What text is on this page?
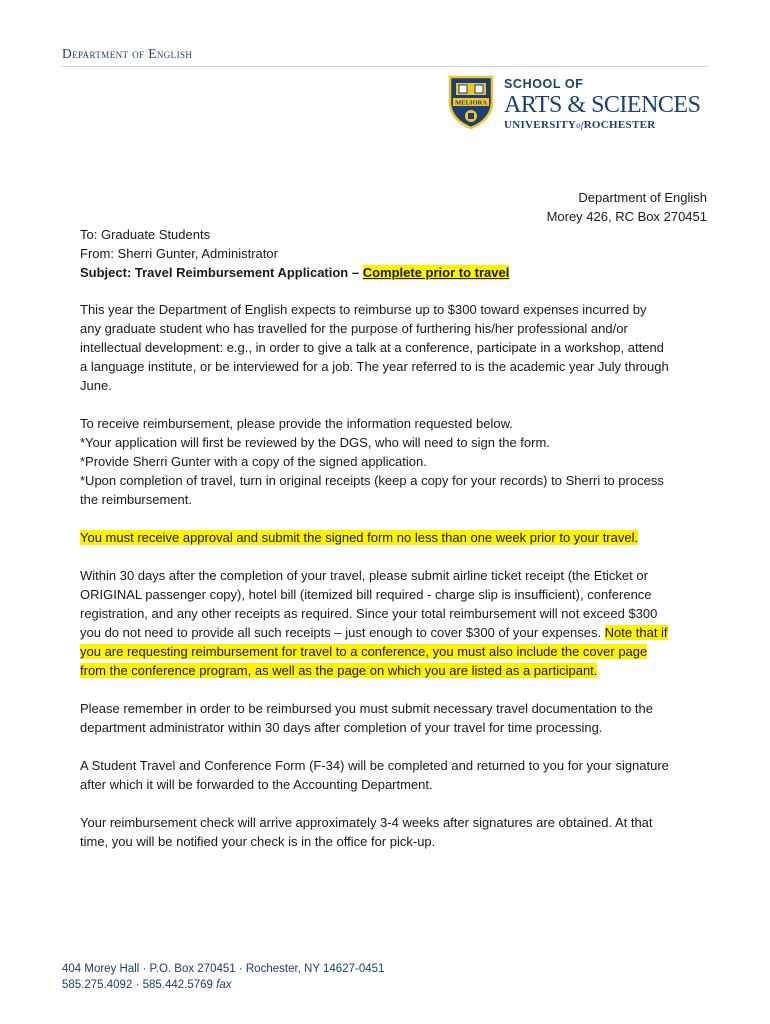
Department of English
MELIORA
SCHOOL OF
ARTS & SCIENCES
UNIVERSITYofROCHESTER
Department of English
Morey 426, RC Box 270451
To: Graduate Students
From: Sherri Gunter, Administrator
Subject: Travel Reimbursement Application – Complete prior to travel

This year the Department of English expects to reimburse up to $300 toward expenses incurred by any graduate student who has travelled for the purpose of furthering his/her professional and/or intellectual development: e.g., in order to give a talk at a conference, participate in a workshop, attend a language institute, or be interviewed for a job. The year referred to is the academic year July through June.

To receive reimbursement, please provide the information requested below.
*Your application will first be reviewed by the DGS, who will need to sign the form.
*Provide Sherri Gunter with a copy of the signed application.
*Upon completion of travel, turn in original receipts (keep a copy for your records) to Sherri to process the reimbursement.

You must receive approval and submit the signed form no less than one week prior to your travel.

Within 30 days after the completion of your travel, please submit airline ticket receipt (the Eticket or ORIGINAL passenger copy), hotel bill (itemized bill required - charge slip is insufficient), conference registration, and any other receipts as required. Since your total reimbursement will not exceed $300 you do not need to provide all such receipts – just enough to cover $300 of your expenses. Note that if you are requesting reimbursement for travel to a conference, you must also include the cover page from the conference program, as well as the page on which you are listed as a participant.

Please remember in order to be reimbursed you must submit necessary travel documentation to the department administrator within 30 days after completion of your travel for time processing.

A Student Travel and Conference Form (F-34) will be completed and returned to you for your signature after which it will be forwarded to the Accounting Department.

Your reimbursement check will arrive approximately 3-4 weeks after signatures are obtained. At that time, you will be notified your check is in the office for pick-up.

404 Morey Hall · P.O. Box 270451 · Rochester, NY 14627-0451
585.275.4092 · 585.442.5769 fax
